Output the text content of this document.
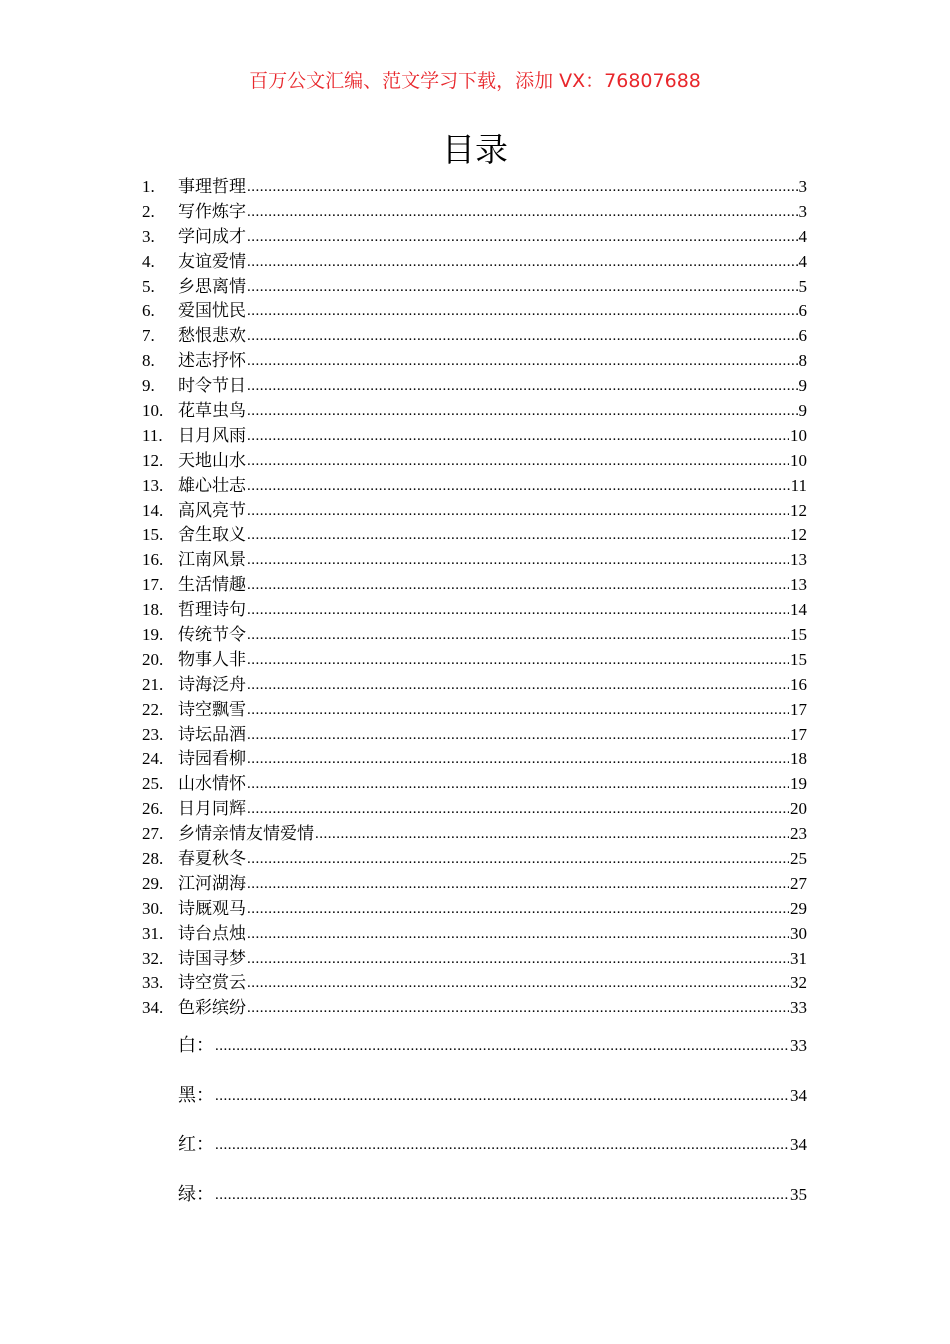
百万公文汇编、范文学习下载，添加 VX：76807688
目录
1.	事理哲理 .....	3
2.	写作炼字 .....	3
3.	学问成才 .....	4
4.	友谊爱情 .....	4
5.	乡思离情 .....	5
6.	爱国忧民 .....	6
7.	愁恨悲欢 .....	6
8.	述志抒怀 .....	8
9.	时令节日 .....	9
10. 花草虫鸟 .....	9
11. 日月风雨 .....	10
12. 天地山水 .....	10
13. 雄心壮志 .....	11
14. 高风亮节 .....	12
15. 舍生取义 .....	12
16. 江南风景 .....	13
17. 生活情趣 .....	13
18. 哲理诗句 .....	14
19. 传统节令 .....	15
20. 物事人非 .....	15
21. 诗海泛舟 .....	16
22. 诗空飘雪 .....	17
23. 诗坛品酒 .....	17
24. 诗园看柳 .....	18
25. 山水情怀 .....	19
26. 日月同辉 .....	20
27. 乡情亲情友情爱情 .....	23
28. 春夏秋冬 .....	25
29. 江河湖海 .....	27
30. 诗厩观马 .....	29
31. 诗台点烛 .....	30
32. 诗国寻梦 .....	31
33. 诗空赏云 .....	32
34. 色彩缤纷 .....	33
白： .....	33
黑： .....	34
红： .....	34
绿： .....	35
